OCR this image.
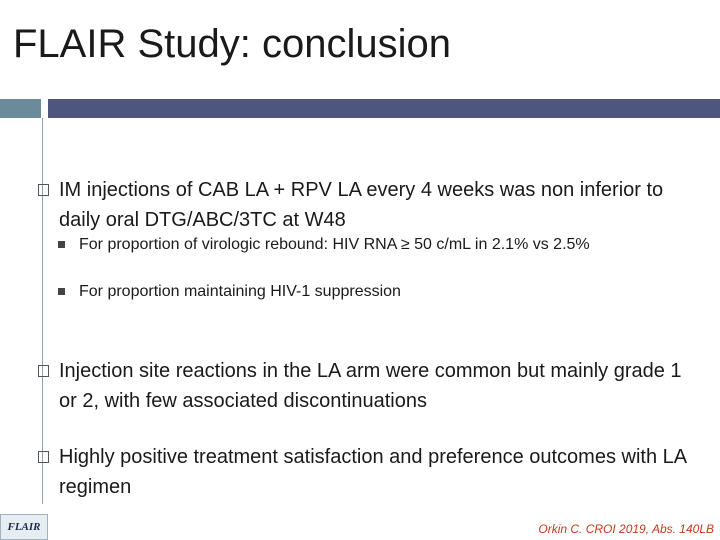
FLAIR Study: conclusion
IM injections of CAB LA + RPV LA every 4 weeks was non inferior to daily oral DTG/ABC/3TC at W48
For proportion of virologic rebound: HIV RNA ≥ 50 c/mL in 2.1% vs 2.5%
For proportion maintaining HIV-1 suppression
Injection site reactions in the LA arm were common but mainly grade 1 or 2, with few associated discontinuations
Highly positive treatment satisfaction and preference outcomes with LA regimen
FLAIR	Orkin C. CROI 2019, Abs. 140LB
